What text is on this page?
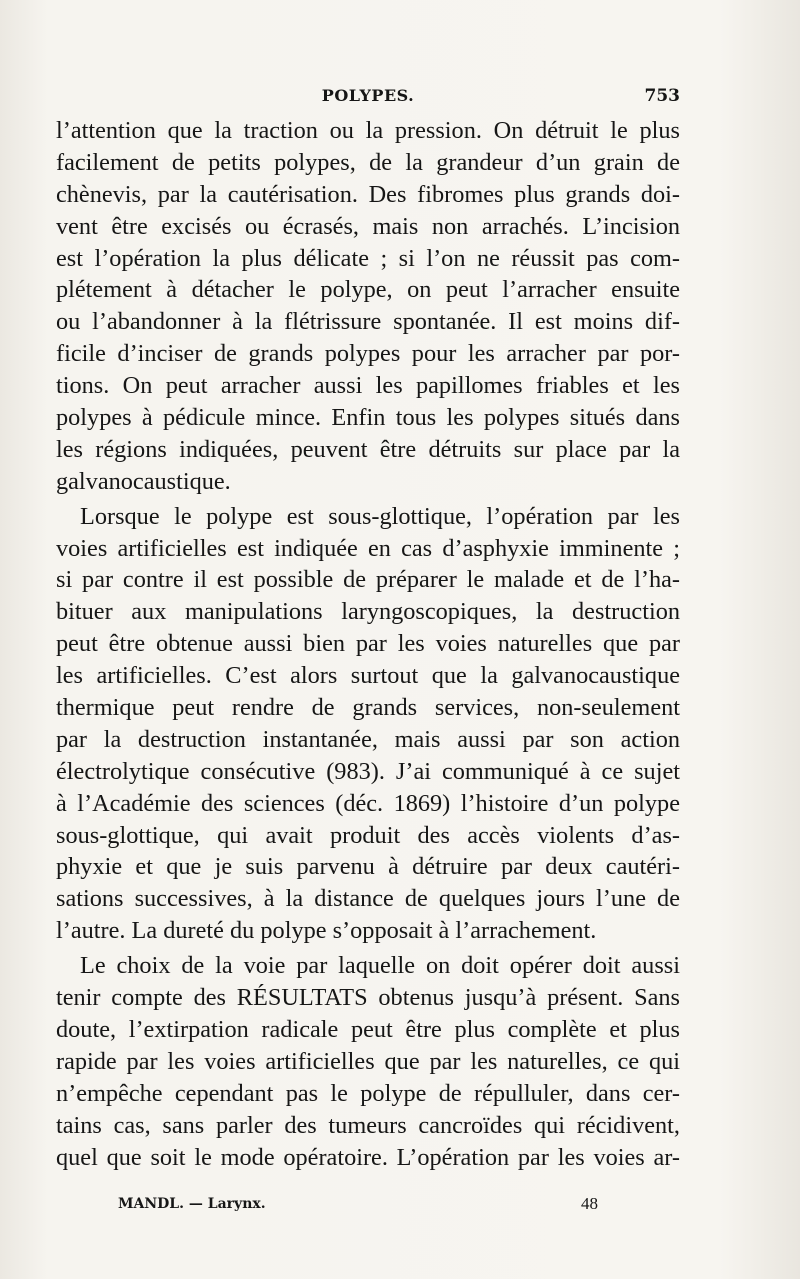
POLYPES.	753
l’attention que la traction ou la pression. On détruit le plus
facilement de petits polypes, de la grandeur d’un grain de
chènevis, par la cautérisation. Des fibromes plus grands doi-
vent être excisés ou écrasés, mais non arrachés. L’incision
est l’opération la plus délicate ; si l’on ne réussit pas com-
plétement à détacher le polype, on peut l’arracher ensuite
ou l’abandonner à la flétrissure spontanée. Il est moins dif-
ficile d’inciser de grands polypes pour les arracher par por-
tions. On peut arracher aussi les papillomes friables et les
polypes à pédicule mince. Enfin tous les polypes situés dans
les régions indiquées, peuvent être détruits sur place par la
galvanocaustique.
Lorsque le polype est sous-glottique, l’opération par les
voies artificielles est indiquée en cas d’asphyxie imminente ;
si par contre il est possible de préparer le malade et de l’ha-
bituer aux manipulations laryngoscopiques, la destruction
peut être obtenue aussi bien par les voies naturelles que par
les artificielles. C’est alors surtout que la galvanocaustique
thermique peut rendre de grands services, non-seulement
par la destruction instantanée, mais aussi par son action
électrolytique consécutive (983). J’ai communiqué à ce sujet
à l’Académie des sciences (déc. 1869) l’histoire d’un polype
sous-glottique, qui avait produit des accès violents d’as-
phyxie et que je suis parvenu à détruire par deux cautéri-
sations successives, à la distance de quelques jours l’une de
l’autre. La dureté du polype s’opposait à l’arrachement.
Le choix de la voie par laquelle on doit opérer doit aussi
tenir compte des RÉSULTATS obtenus jusqu’à présent. Sans
doute, l’extirpation radicale peut être plus complète et plus
rapide par les voies artificielles que par les naturelles, ce qui
n’empêche cependant pas le polype de répulluler, dans cer-
tains cas, sans parler des tumeurs cancroïdes qui récidivent,
quel que soit le mode opératoire. L’opération par les voies ar-
MANDL. — Larynx.	48
